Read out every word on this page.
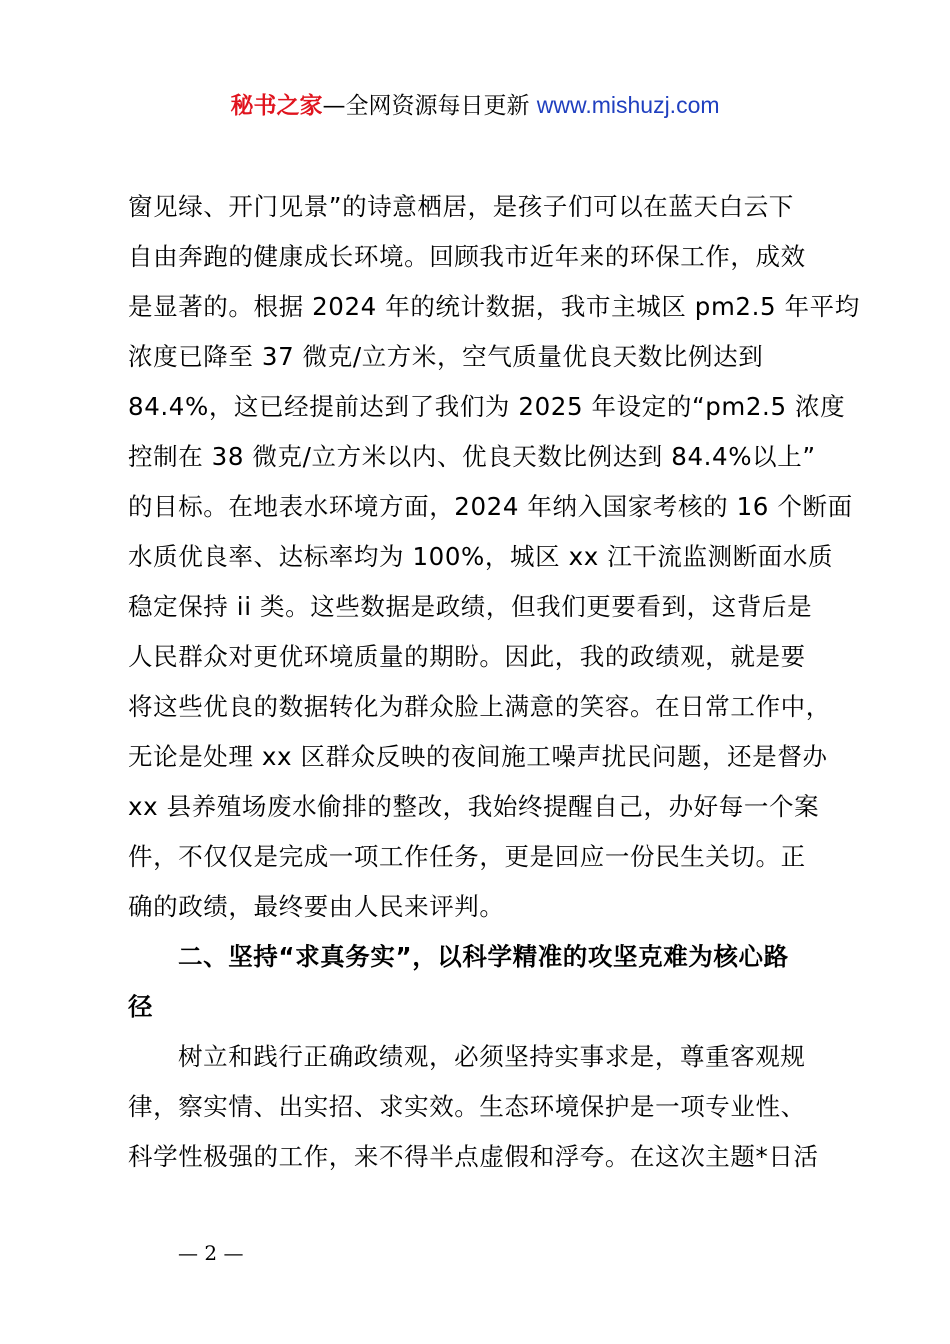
秘书之家—全网资源每日更新 www.mishuzj.com
窗见绿、开门见景”的诗意栖居，是孩子们可以在蓝天白云下
自由奔跑的健康成长环境。回顾我市近年来的环保工作，成效
是显著的。根据 2024 年的统计数据，我市主城区 pm2.5 年平均
浓度已降至 37 微克/立方米，空气质量优良天数比例达到
84.4%，这已经提前达到了我们为 2025 年设定的“pm2.5 浓度
控制在 38 微克/立方米以内、优良天数比例达到 84.4%以上”
的目标。在地表水环境方面，2024 年纳入国家考核的 16 个断面
水质优良率、达标率均为 100%，城区 xx 江干流监测断面水质
稳定保持 ii 类。这些数据是政绩，但我们更要看到，这背后是
人民群众对更优环境质量的期盼。因此，我的政绩观，就是要
将这些优良的数据转化为群众脸上满意的笑容。在日常工作中，
无论是处理 xx 区群众反映的夜间施工噪声扰民问题，还是督办
xx 县养殖场废水偷排的整改，我始终提醒自己，办好每一个案
件，不仅仅是完成一项工作任务，更是回应一份民生关切。正
确的政绩，最终要由人民来评判。
二、坚持“求真务实”，以科学精准的攻坚克难为核心路
径
树立和践行正确政绩观，必须坚持实事求是，尊重客观规
律，察实情、出实招、求实效。生态环境保护是一项专业性、
科学性极强的工作，来不得半点虚假和浮夸。在这次主题*日活
— 2 —
